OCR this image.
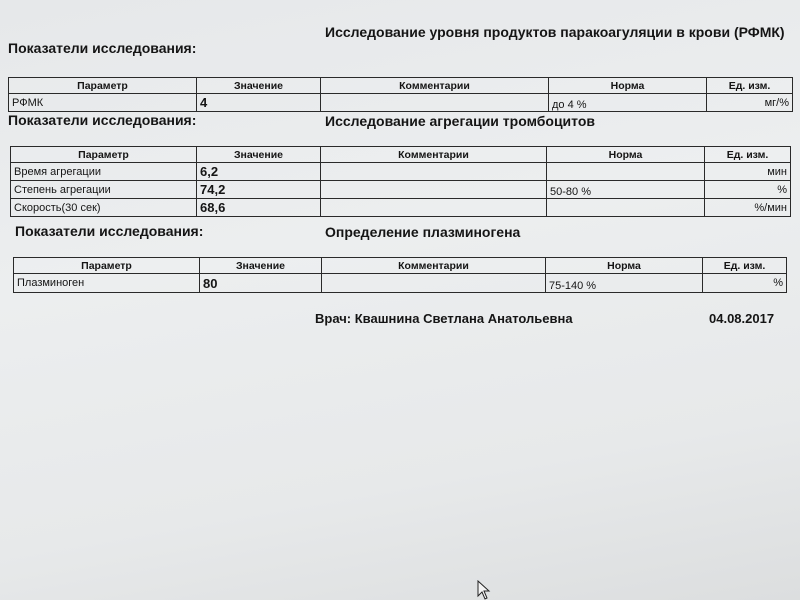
Показатели исследования:
Исследование уровня продуктов паракоагуляции в крови (РФМК)
Параметр	Значение	Комментарии	Норма	Ед. изм.
РФМК	4		до 4 %	мг/%
Показатели исследования:	Исследование агрегации тромбоцитов
Параметр	Значение	Комментарии	Норма	Ед. изм.
Время агрегации	6,2			мин
Степень агрегации	74,2		50-80 %	%
Скорость(30 сек)	68,6			%/мин
Показатели исследования:	Определение плазминогена
Параметр	Значение	Комментарии	Норма	Ед. изм.
Плазминоген	80		75-140 %	%
Врач: Квашнина Светлана Анатольевна	04.08.2017
